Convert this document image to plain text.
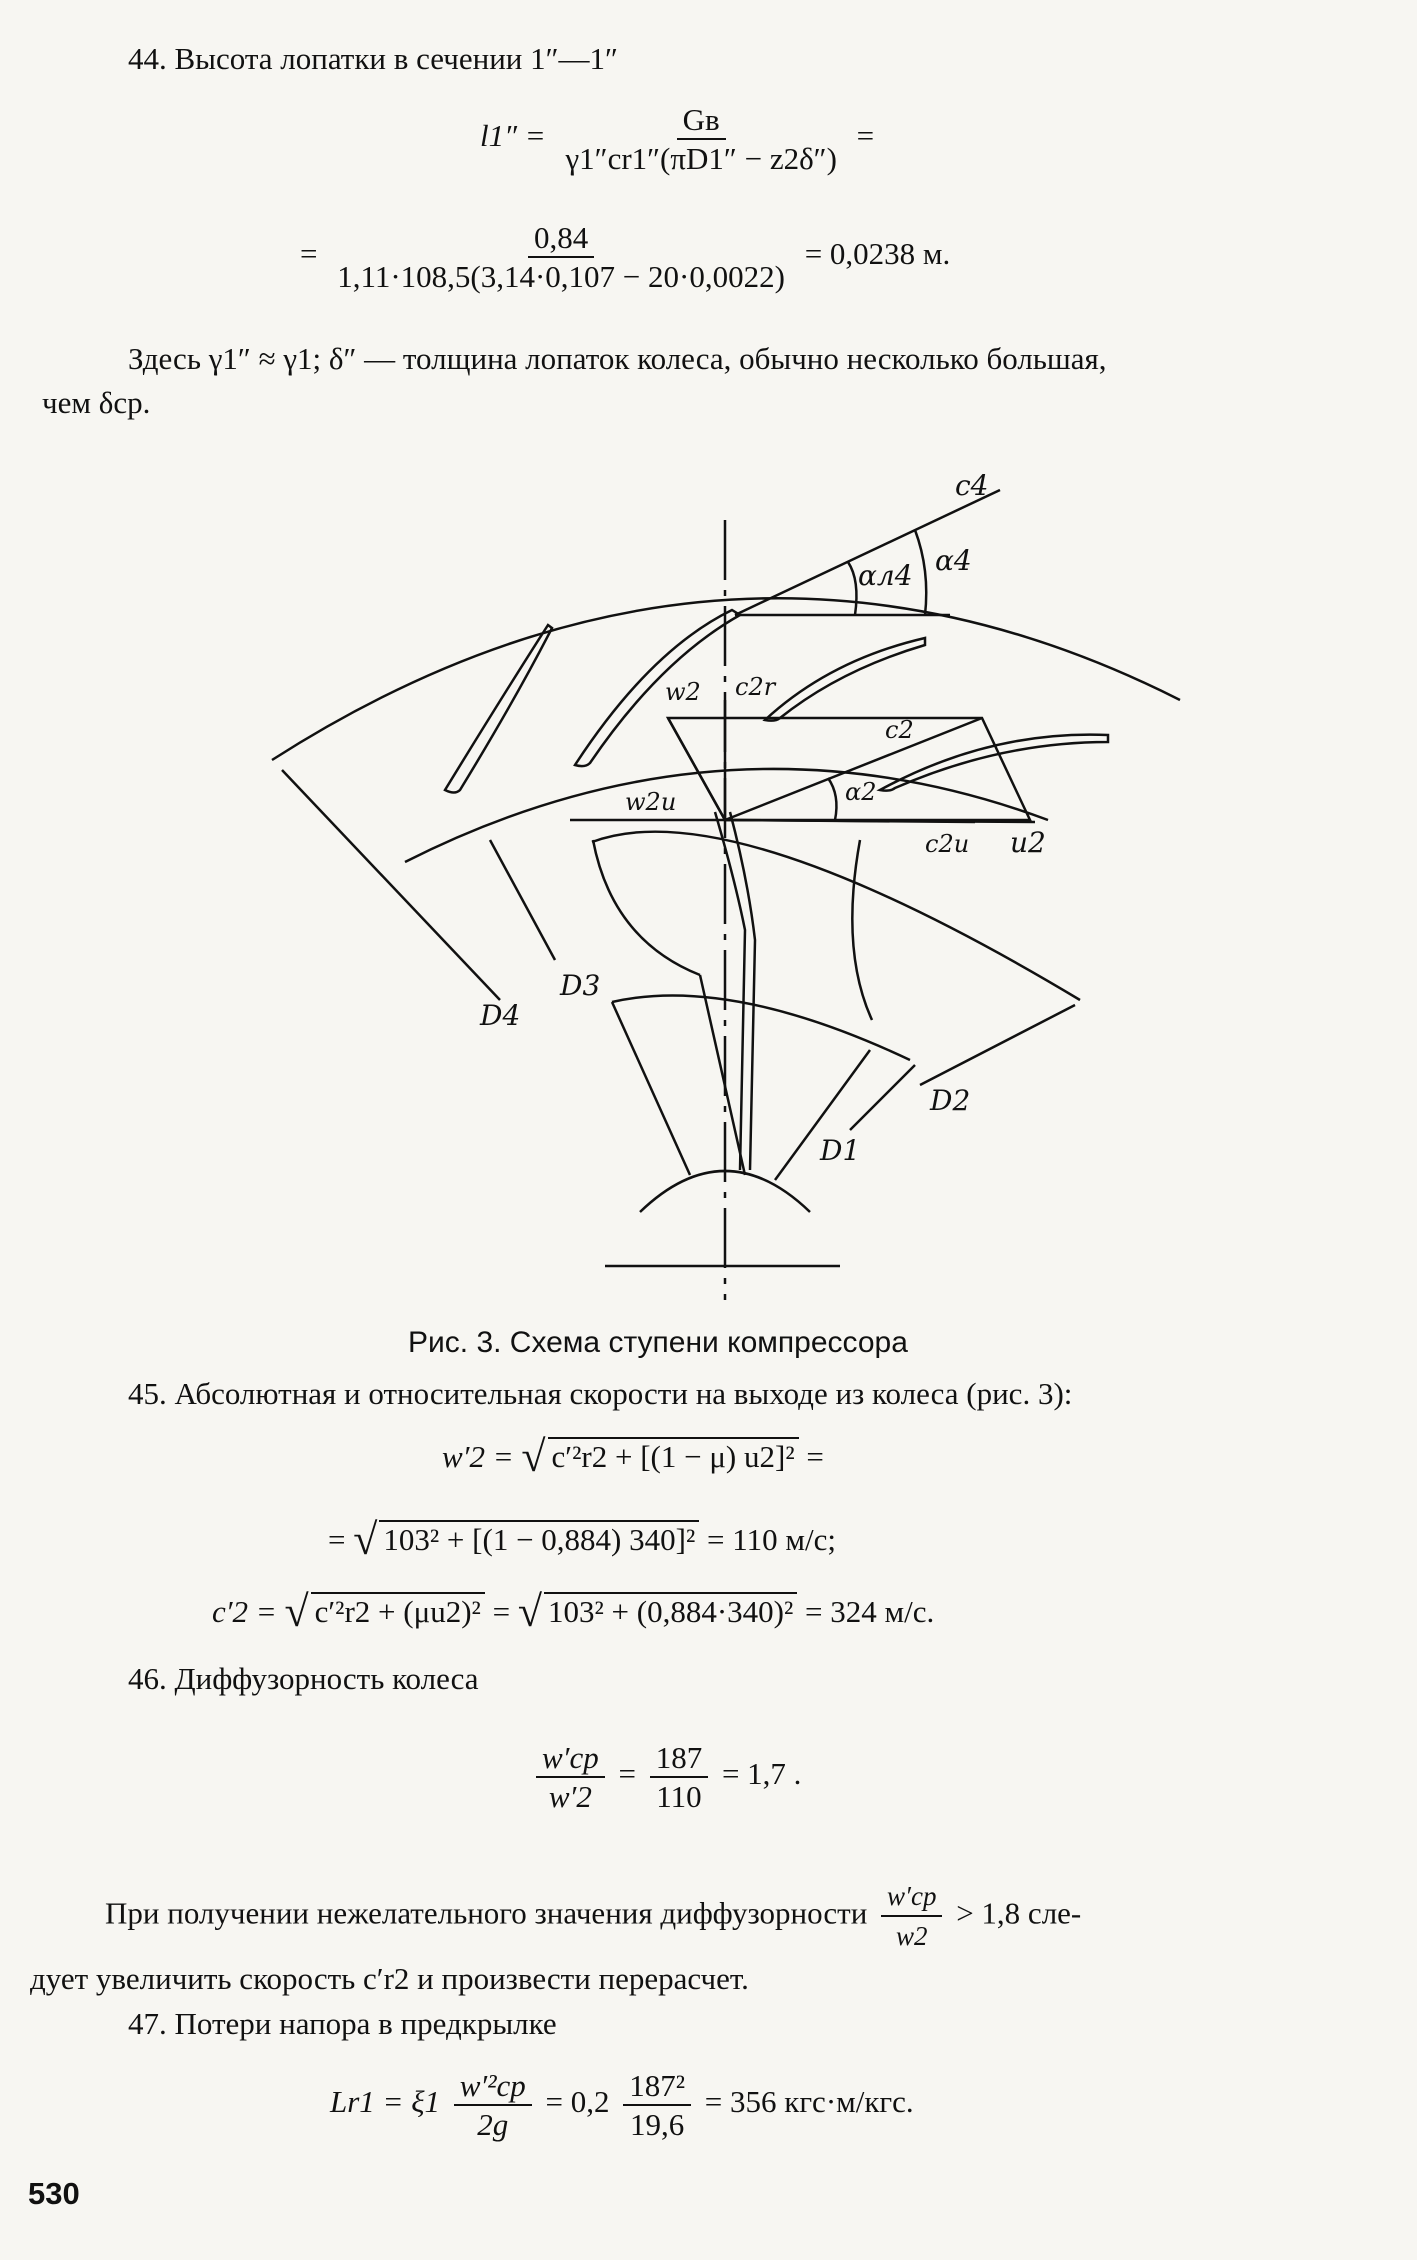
44. Высота лопатки в сечении 1″—1″
$l1'' = \frac{Gв}{\gamma 1''cr1''(\pi D1'' - z2\delta'')}$ =
= $\frac{0,84}{1,11\cdot 108,5(3,14\cdot 0,107 - 20\cdot 0,0022)} = 0,0238$ м.
Здесь γ1″ ≈ γ1; δ″ — толщина лопаток колеса, обычно несколько большая,
чем δср.
c4
αл4 α4
w2 c2r
c2
w2u	α2
c2u u2
D3
D4
D2
D1
Рис. 3. Схема ступени компрессора
45. Абсолютная и относительная скорости на выходе из колеса (рис. 3):
w′2 = √ c′²r2 + [(1 − μ) u2]² =
= √ 103² + [(1 − 0,884) 340]² = 110 м/с;
c′2 = √ c′²r2 + (μu2)² = √ 103² + (0,884·340)² = 324 м/с.
46. Диффузорность колеса
$\frac{w'ср}{w'2} = \frac{187}{110} = 1,7$ .
При получении нежелательного значения диффузорности $\frac{w'ср}{w2} > 1,8$ сле-
дует увеличить скорость c′r2 и произвести перерасчет.
47. Потери напора в предкрылке
$Lr1 = \xi 1 \frac{\text{w′²ср}}{2g} = 0,2 \frac{\text{187²}}{19,6} = 356$ кгс·м/кгс.
530
